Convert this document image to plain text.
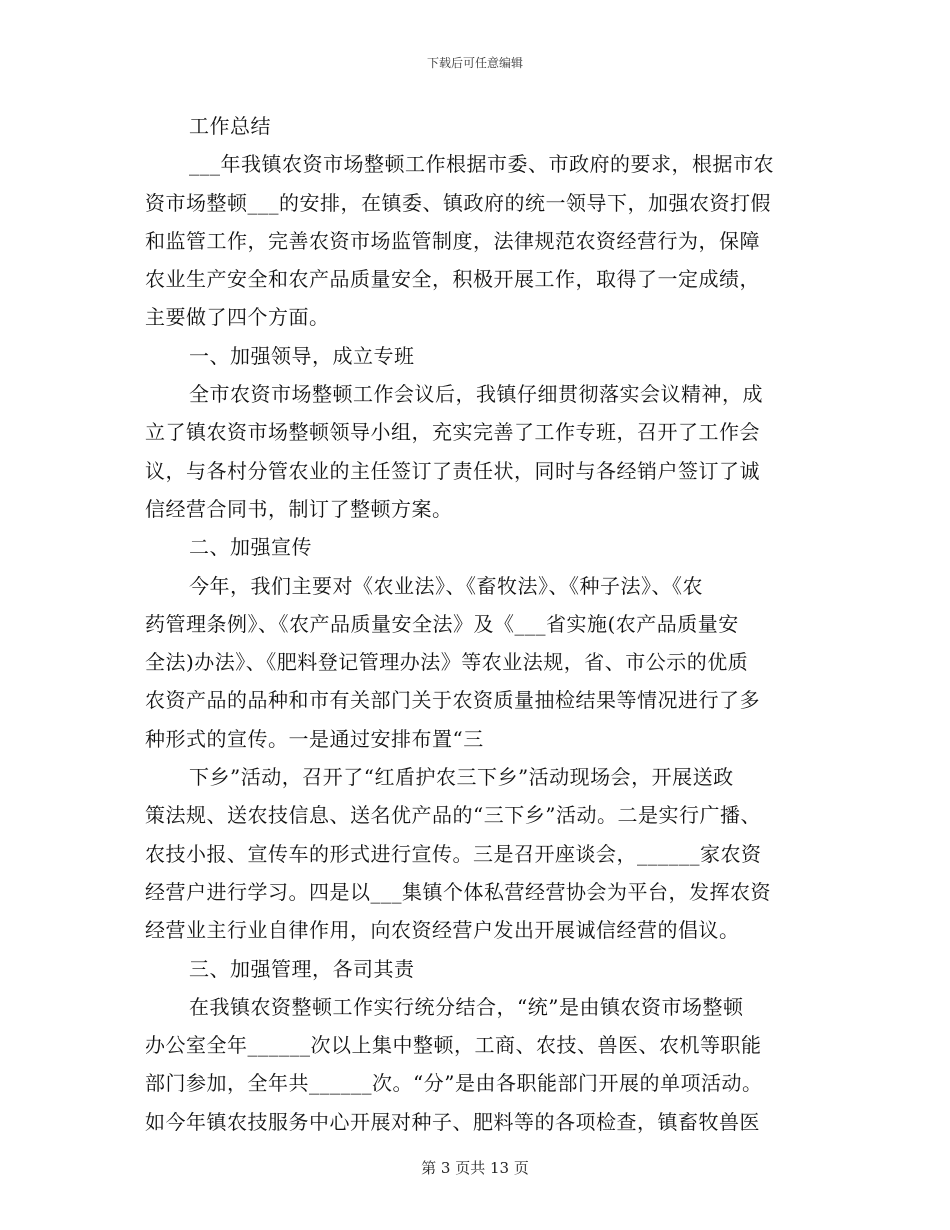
下载后可任意编辑
工作总结
___年我镇农资市场整顿工作根据市委、市政府的要求，根据市农
资市场整顿___的安排，在镇委、镇政府的统一领导下，加强农资打假
和监管工作，完善农资市场监管制度，法律规范农资经营行为，保障
农业生产安全和农产品质量安全，积极开展工作，取得了一定成绩，
主要做了四个方面。
一、加强领导，成立专班
全市农资市场整顿工作会议后，我镇仔细贯彻落实会议精神，成
立了镇农资市场整顿领导小组，充实完善了工作专班，召开了工作会
议，与各村分管农业的主任签订了责任状，同时与各经销户签订了诚
信经营合同书，制订了整顿方案。
二、加强宣传
今年，我们主要对《农业法》、《畜牧法》、《种子法》、《农
药管理条例》、《农产品质量安全法》及《___省实施(农产品质量安
全法)办法》、《肥料登记管理办法》等农业法规，省、市公示的优质
农资产品的品种和市有关部门关于农资质量抽检结果等情况进行了多
种形式的宣传。一是通过安排布置“三
下乡”活动，召开了“红盾护农三下乡”活动现场会，开展送政
策法规、送农技信息、送名优产品的“三下乡”活动。二是实行广播、
农技小报、宣传车的形式进行宣传。三是召开座谈会，______家农资
经营户进行学习。四是以___集镇个体私营经营协会为平台，发挥农资
经营业主行业自律作用，向农资经营户发出开展诚信经营的倡议。
三、加强管理，各司其责
在我镇农资整顿工作实行统分结合，“统”是由镇农资市场整顿
办公室全年______次以上集中整顿，工商、农技、兽医、农机等职能
部门参加，全年共______次。“分”是由各职能部门开展的单项活动。
如今年镇农技服务中心开展对种子、肥料等的各项检查，镇畜牧兽医
第 3 页共 13 页
